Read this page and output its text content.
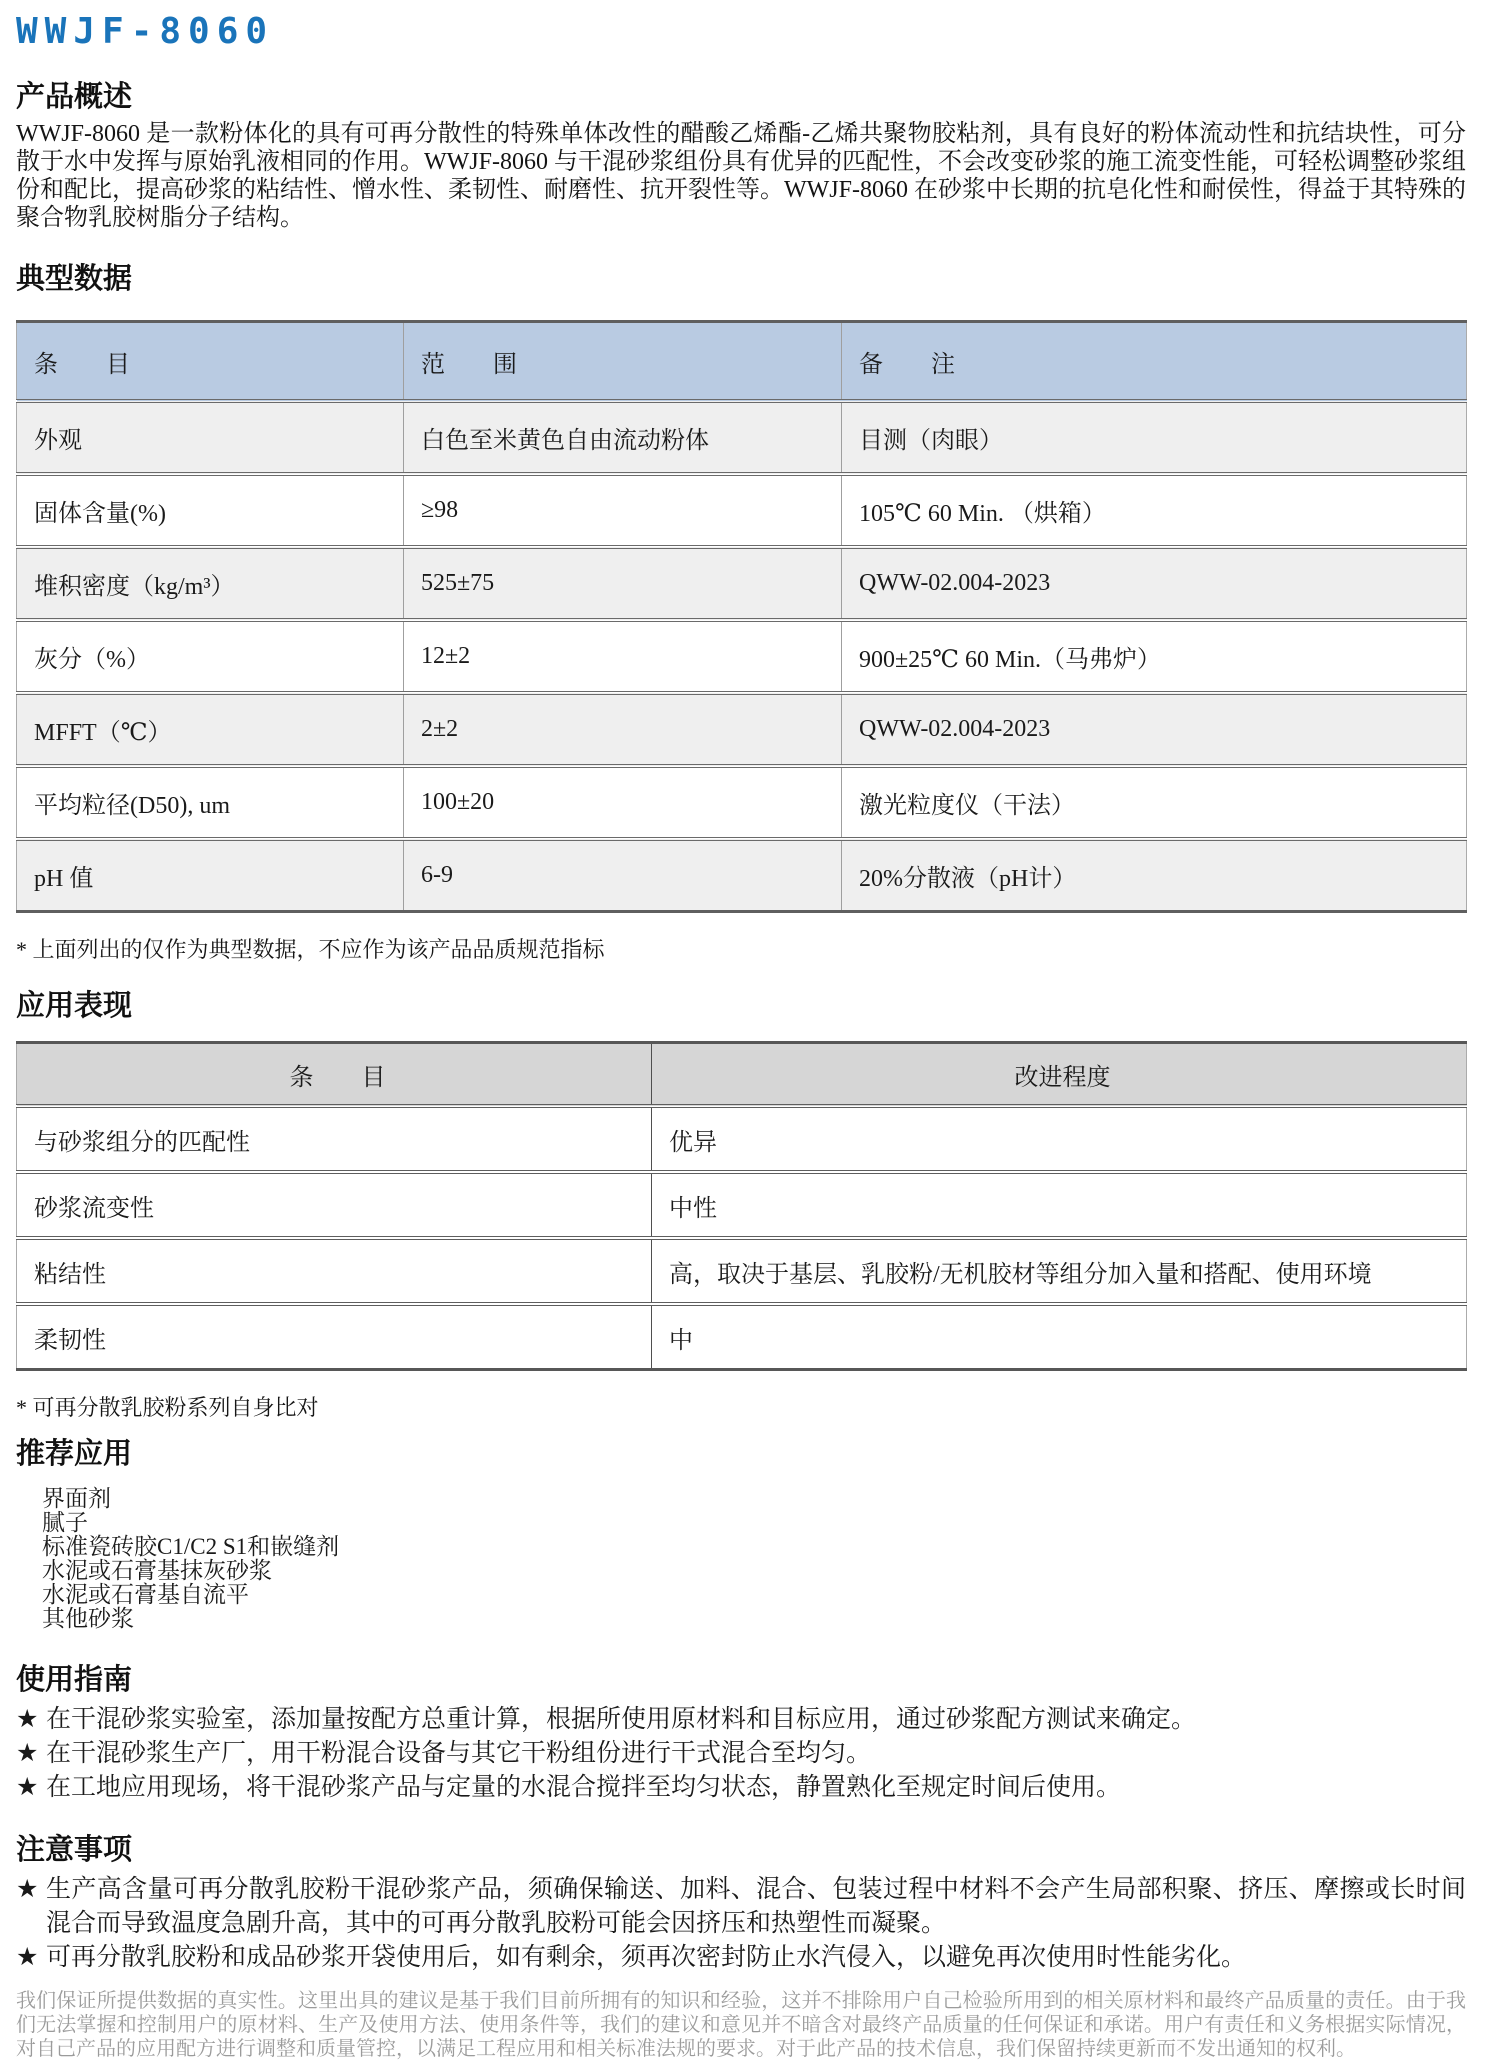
WWJF-8060
产品概述

WWJF-8060 是一款粉体化的具有可再分散性的特殊单体改性的醋酸乙烯酯-乙烯共聚物胶粘剂，具有良好的粉体流动性和抗结块性，可分散于水中发挥与原始乳液相同的作用。WWJF-8060 与干混砂浆组份具有优异的匹配性，不会改变砂浆的施工流变性能，可轻松调整砂浆组份和配比，提高砂浆的粘结性、憎水性、柔韧性、耐磨性、抗开裂性等。WWJF-8060 在砂浆中长期的抗皂化性和耐侯性，得益于其特殊的聚合物乳胶树脂分子结构。

典型数据
条　　目	范　　围	备　　注
外观	白色至米黄色自由流动粉体	目测（肉眼）
固体含量(%)	≥98	105℃ 60 Min. （烘箱）
堆积密度（kg/m³）	525±75	QWW-02.004-2023
灰分（%）	12±2	900±25℃ 60 Min.（马弗炉）
MFFT（℃）	2±2	QWW-02.004-2023
平均粒径(D50), um	100±20	激光粒度仪（干法）
pH 值	6-9	20%分散液（pH计）

* 上面列出的仅作为典型数据，不应作为该产品品质规范指标

应用表现
条　　目	改进程度
与砂浆组分的匹配性	优异
砂浆流变性	中性
粘结性	高，取决于基层、乳胶粉/无机胶材等组分加入量和搭配、使用环境
柔韧性	中

* 可再分散乳胶粉系列自身比对

推荐应用
界面剂
腻子
标准瓷砖胶C1/C2 S1和嵌缝剂
水泥或石膏基抹灰砂浆
水泥或石膏基自流平
其他砂浆
使用指南
★ 在干混砂浆实验室，添加量按配方总重计算，根据所使用原材料和目标应用，通过砂浆配方测试来确定。
★ 在干混砂浆生产厂，用干粉混合设备与其它干粉组份进行干式混合至均匀。
★ 在工地应用现场，将干混砂浆产品与定量的水混合搅拌至均匀状态，静置熟化至规定时间后使用。
注意事项
★ 生产高含量可再分散乳胶粉干混砂浆产品，须确保输送、加料、混合、包装过程中材料不会产生局部积聚、挤压、摩擦或长时间混合而导致温度急剧升高，其中的可再分散乳胶粉可能会因挤压和热塑性而凝聚。
★ 可再分散乳胶粉和成品砂浆开袋使用后，如有剩余，须再次密封防止水汽侵入，以避免再次使用时性能劣化。

我们保证所提供数据的真实性。这里出具的建议是基于我们目前所拥有的知识和经验，这并不排除用户自己检验所用到的相关原材料和最终产品质量的责任。由于我们无法掌握和控制用户的原材料、生产及使用方法、使用条件等，我们的建议和意见并不暗含对最终产品质量的任何保证和承诺。用户有责任和义务根据实际情况，对自己产品的应用配方进行调整和质量管控，以满足工程应用和相关标准法规的要求。对于此产品的技术信息，我们保留持续更新而不发出通知的权利。
